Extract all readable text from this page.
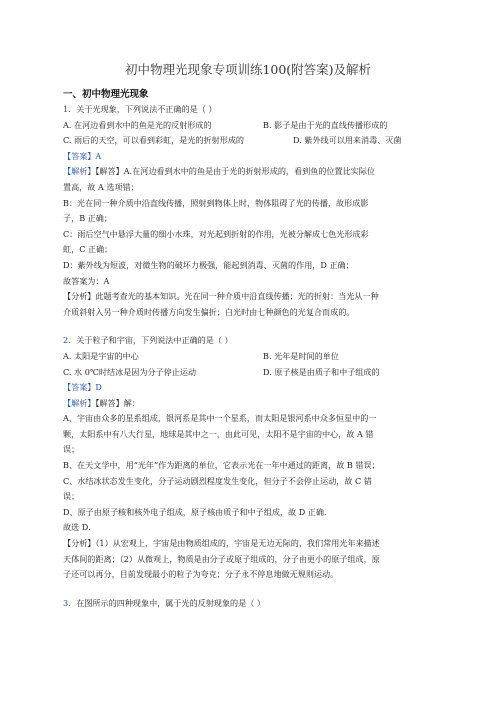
初中物理光现象专项训练100(附答案)及解析
一、初中物理光现象
1．关于光现象，下列说法不正确的是（ ）
A. 在河边看到水中的鱼是光的反射形成的	B. 影子是由于光的直线传播形成的
C. 雨后的天空，可以看到彩虹，是光的折射形成的	D. 紫外线可以用来消毒、灭菌
【答案】A
【解析】【解答】A.在河边看到水中的鱼是由于光的折射形成的，看到鱼的位置比实际位
置高，故 A 选项错；
B：光在同一种介质中沿直线传播，照射到物体上时，物体阻碍了光的传播，故形成影
子，B 正确；
C：雨后空气中悬浮大量的细小水珠，对光起到折射的作用，光被分解成七色光形成彩
虹，C 正确；
D：紫外线为短波，对微生物的破坏力极强，能起到消毒、灭菌的作用，D 正确；
故答案为：A
【分析】此题考查光的基本知识。光在同一种介质中沿直线传播；光的折射：当光从一种
介质斜射入另一种介质时传播方向发生偏折；白光时由七种颜色的光复合而成的。
2．关于粒子和宇宙，下列说法中正确的是（ ）
A. 太阳是宇宙的中心	B. 光年是时间的单位
C. 水 0℃时结冰是因为分子停止运动	D. 原子核是由质子和中子组成的
【答案】D
【解析】【解答】解：
A、宇宙由众多的星系组成，银河系是其中一个星系，而太阳是银河系中众多恒星中的一
颗，太阳系中有八大行星，地球是其中之一，由此可见，太阳不是宇宙的中心，故 A 错
误；
B、在天文学中，用“光年”作为距离的单位，它表示光在一年中通过的距离，故 B 错误；
C、水结冰状态发生变化，分子运动剧烈程度发生变化，但分子不会停止运动，故 C 错
误；
D、原子由原子核和核外电子组成，原子核由质子和中子组成，故 D 正确．
故选 D．
【分析】（1）从宏观上，宇宙是由物质组成的，宇宙是无边无际的，我们常用光年来描述
天体间的距离；（2）从微观上，物质是由分子或原子组成的，分子由更小的原子组成，原
子还可以再分，目前发现最小的粒子为夸克；分子永不停息地做无规则运动。
3．在图所示的四种现象中，属于光的反射现象的是（ ）
